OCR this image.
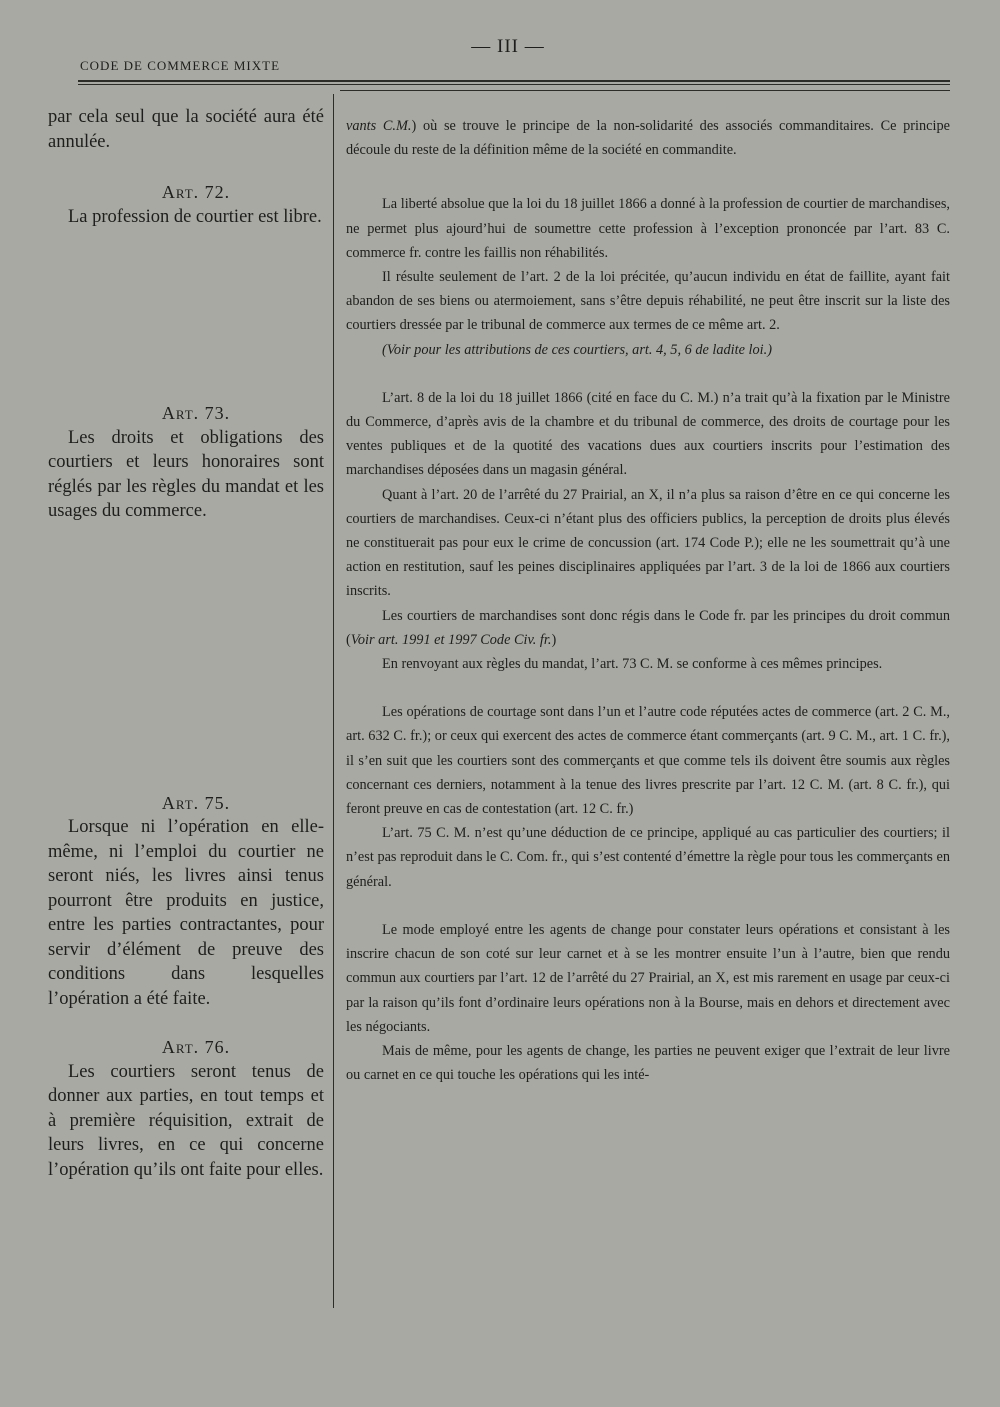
CODE DE COMMERCE MIXTE
— III —

par cela seul que la société aura été annulée.

Art. 72.

La profession de courtier est libre.

Art. 73.

Les droits et obligations des courtiers et leurs honoraires sont réglés par les règles du mandat et les usages du commerce.

Art. 75.

Lorsque ni l’opération en elle-même, ni l’emploi du courtier ne seront niés, les livres ainsi tenus pourront être produits en justice, entre les parties contractantes, pour servir d’élément de preuve des conditions dans lesquelles l’opération a été faite.

Art. 76.

Les courtiers seront tenus de donner aux parties, en tout temps et à première réquisition, extrait de leurs livres, en ce qui concerne l’opération qu’ils ont faite pour elles.

vants C.M.) où se trouve le principe de la non-solidarité des associés commanditaires. Ce principe découle du reste de la définition même de la société en commandite.

La liberté absolue que la loi du 18 juillet 1866 a donné à la profession de courtier de marchandises, ne permet plus ajourd’hui de soumettre cette profession à l’exception prononcée par l’art. 83 C. commerce fr. contre les faillis non réhabilités.

Il résulte seulement de l’art. 2 de la loi précitée, qu’aucun individu en état de faillite, ayant fait abandon de ses biens ou atermoiement, sans s’être depuis réhabilité, ne peut être inscrit sur la liste des courtiers dressée par le tribunal de commerce aux termes de ce même art. 2.

(Voir pour les attributions de ces courtiers, art. 4, 5, 6 de ladite loi.)

L’art. 8 de la loi du 18 juillet 1866 (cité en face du C. M.) n’a trait qu’à la fixation par le Ministre du Commerce, d’après avis de la chambre et du tribunal de commerce, des droits de courtage pour les ventes publiques et de la quotité des vacations dues aux courtiers inscrits pour l’estimation des marchandises déposées dans un magasin général.

Quant à l’art. 20 de l’arrêté du 27 Prairial, an X, il n’a plus sa raison d’être en ce qui concerne les courtiers de marchandises. Ceux-ci n’étant plus des officiers publics, la perception de droits plus élevés ne constituerait pas pour eux le crime de concussion (art. 174 Code P.); elle ne les soumettrait qu’à une action en restitution, sauf les peines disciplinaires appliquées par l’art. 3 de la loi de 1866 aux courtiers inscrits.

Les courtiers de marchandises sont donc régis dans le Code fr. par les principes du droit commun (Voir art. 1991 et 1997 Code Civ. fr.)

En renvoyant aux règles du mandat, l’art. 73 C. M. se conforme à ces mêmes principes.

Les opérations de courtage sont dans l’un et l’autre code réputées actes de commerce (art. 2 C. M., art. 632 C. fr.); or ceux qui exercent des actes de commerce étant commerçants (art. 9 C. M., art. 1 C. fr.), il s’en suit que les courtiers sont des commerçants et que comme tels ils doivent être soumis aux règles concernant ces derniers, notamment à la tenue des livres prescrite par l’art. 12 C. M. (art. 8 C. fr.), qui feront preuve en cas de contestation (art. 12 C. fr.)

L’art. 75 C. M. n’est qu’une déduction de ce principe, appliqué au cas particulier des courtiers; il n’est pas reproduit dans le C. Com. fr., qui s’est contenté d’émettre la règle pour tous les commerçants en général.

Le mode employé entre les agents de change pour constater leurs opérations et consistant à les inscrire chacun de son coté sur leur carnet et à se les montrer ensuite l’un à l’autre, bien que rendu commun aux courtiers par l’art. 12 de l’arrêté du 27 Prairial, an X, est mis rarement en usage par ceux-ci par la raison qu’ils font d’ordinaire leurs opérations non à la Bourse, mais en dehors et directement avec les négociants.

Mais de même, pour les agents de change, les parties ne peuvent exiger que l’extrait de leur livre ou carnet en ce qui touche les opérations qui les inté-
